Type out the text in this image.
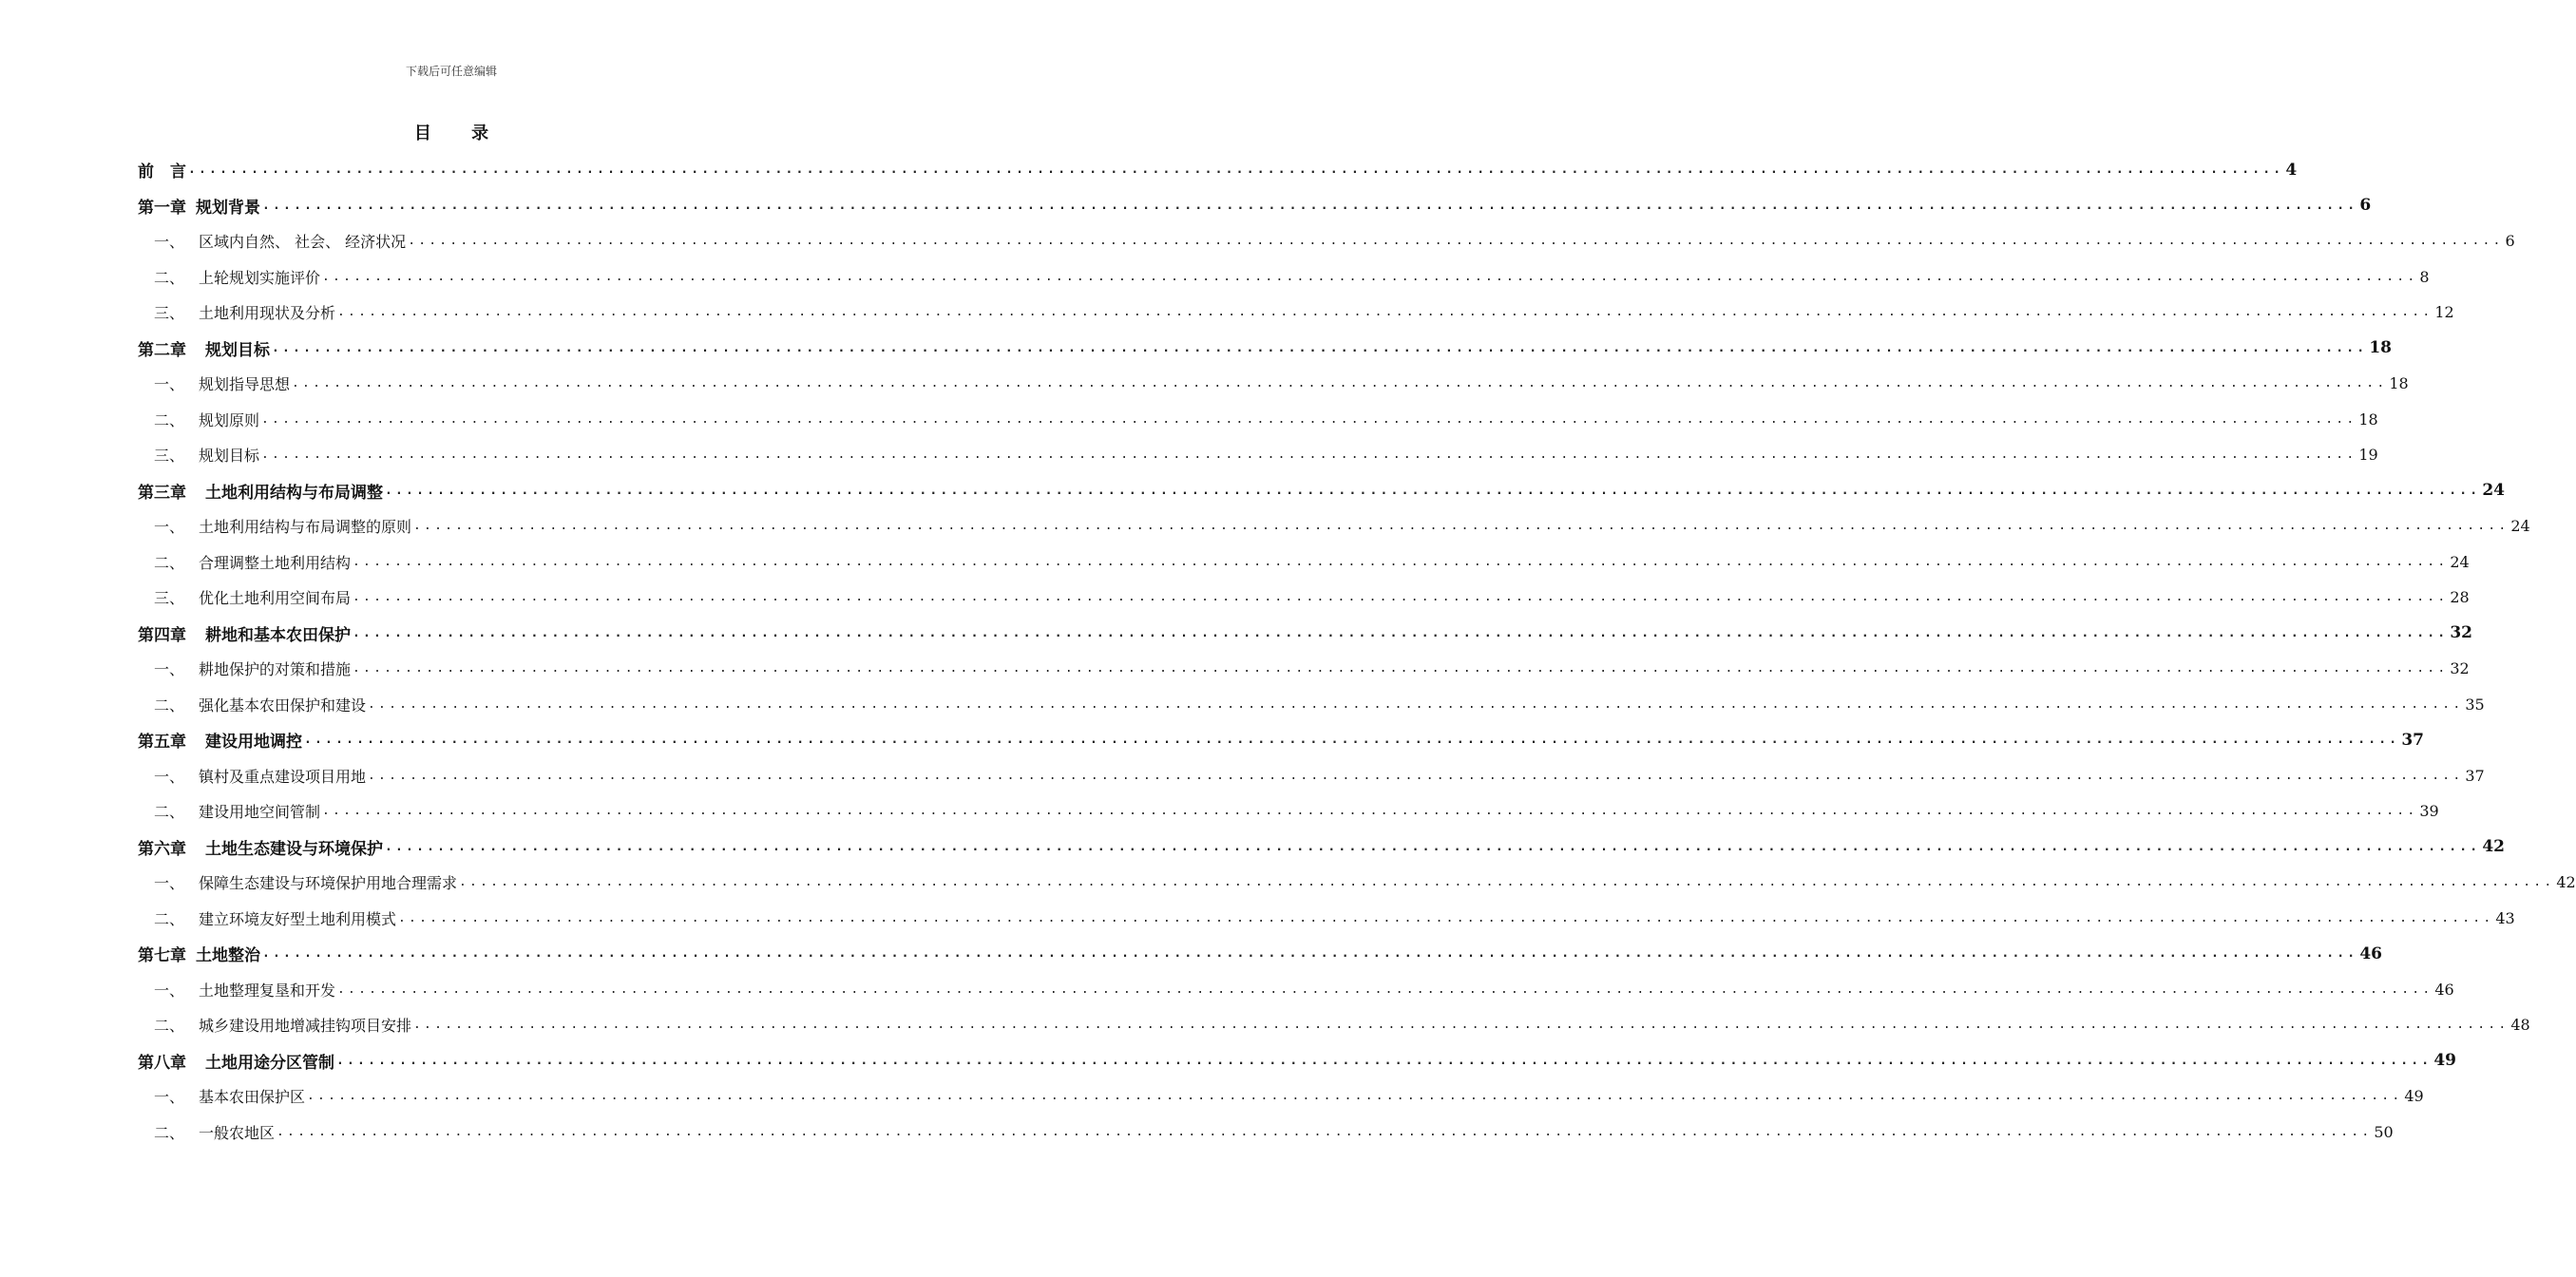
下载后可任意编辑
目 录
前　言 ........................................................................................................................................................................................................ 4
第一章 规划背景 ........................................................................................................................................................................................................ 6
一、 区域内自然、 社会、 经济状况 ........................................................................................................................................................................................................ 6
二、 上轮规划实施评价 ........................................................................................................................................................................................................ 8
三、 土地利用现状及分析 ........................................................................................................................................................................................................ 12
第二章 规划目标 ........................................................................................................................................................................................................ 18
一、 规划指导思想 ........................................................................................................................................................................................................ 18
二、 规划原则 ........................................................................................................................................................................................................ 18
三、 规划目标 ........................................................................................................................................................................................................ 19
第三章 土地利用结构与布局调整 ........................................................................................................................................................................................................ 24
一、 土地利用结构与布局调整的原则 ........................................................................................................................................................................................................ 24
二、 合理调整土地利用结构 ........................................................................................................................................................................................................ 24
三、 优化土地利用空间布局 ........................................................................................................................................................................................................ 28
第四章 耕地和基本农田保护 ........................................................................................................................................................................................................ 32
一、 耕地保护的对策和措施 ........................................................................................................................................................................................................ 32
二、 强化基本农田保护和建设 ........................................................................................................................................................................................................ 35
第五章 建设用地调控 ........................................................................................................................................................................................................ 37
一、 镇村及重点建设项目用地 ........................................................................................................................................................................................................ 37
二、 建设用地空间管制 ........................................................................................................................................................................................................ 39
第六章 土地生态建设与环境保护 ........................................................................................................................................................................................................ 42
一、 保障生态建设与环境保护用地合理需求 ........................................................................................................................................................................................................ 42
二、 建立环境友好型土地利用模式 ........................................................................................................................................................................................................ 43
第七章 土地整治 ........................................................................................................................................................................................................ 46
一、 土地整理复垦和开发 ........................................................................................................................................................................................................ 46
二、 城乡建设用地增减挂钩项目安排 ........................................................................................................................................................................................................ 48
第八章 土地用途分区管制 ........................................................................................................................................................................................................ 49
一、 基本农田保护区 ........................................................................................................................................................................................................ 49
二、 一般农地区 ........................................................................................................................................................................................................ 50
